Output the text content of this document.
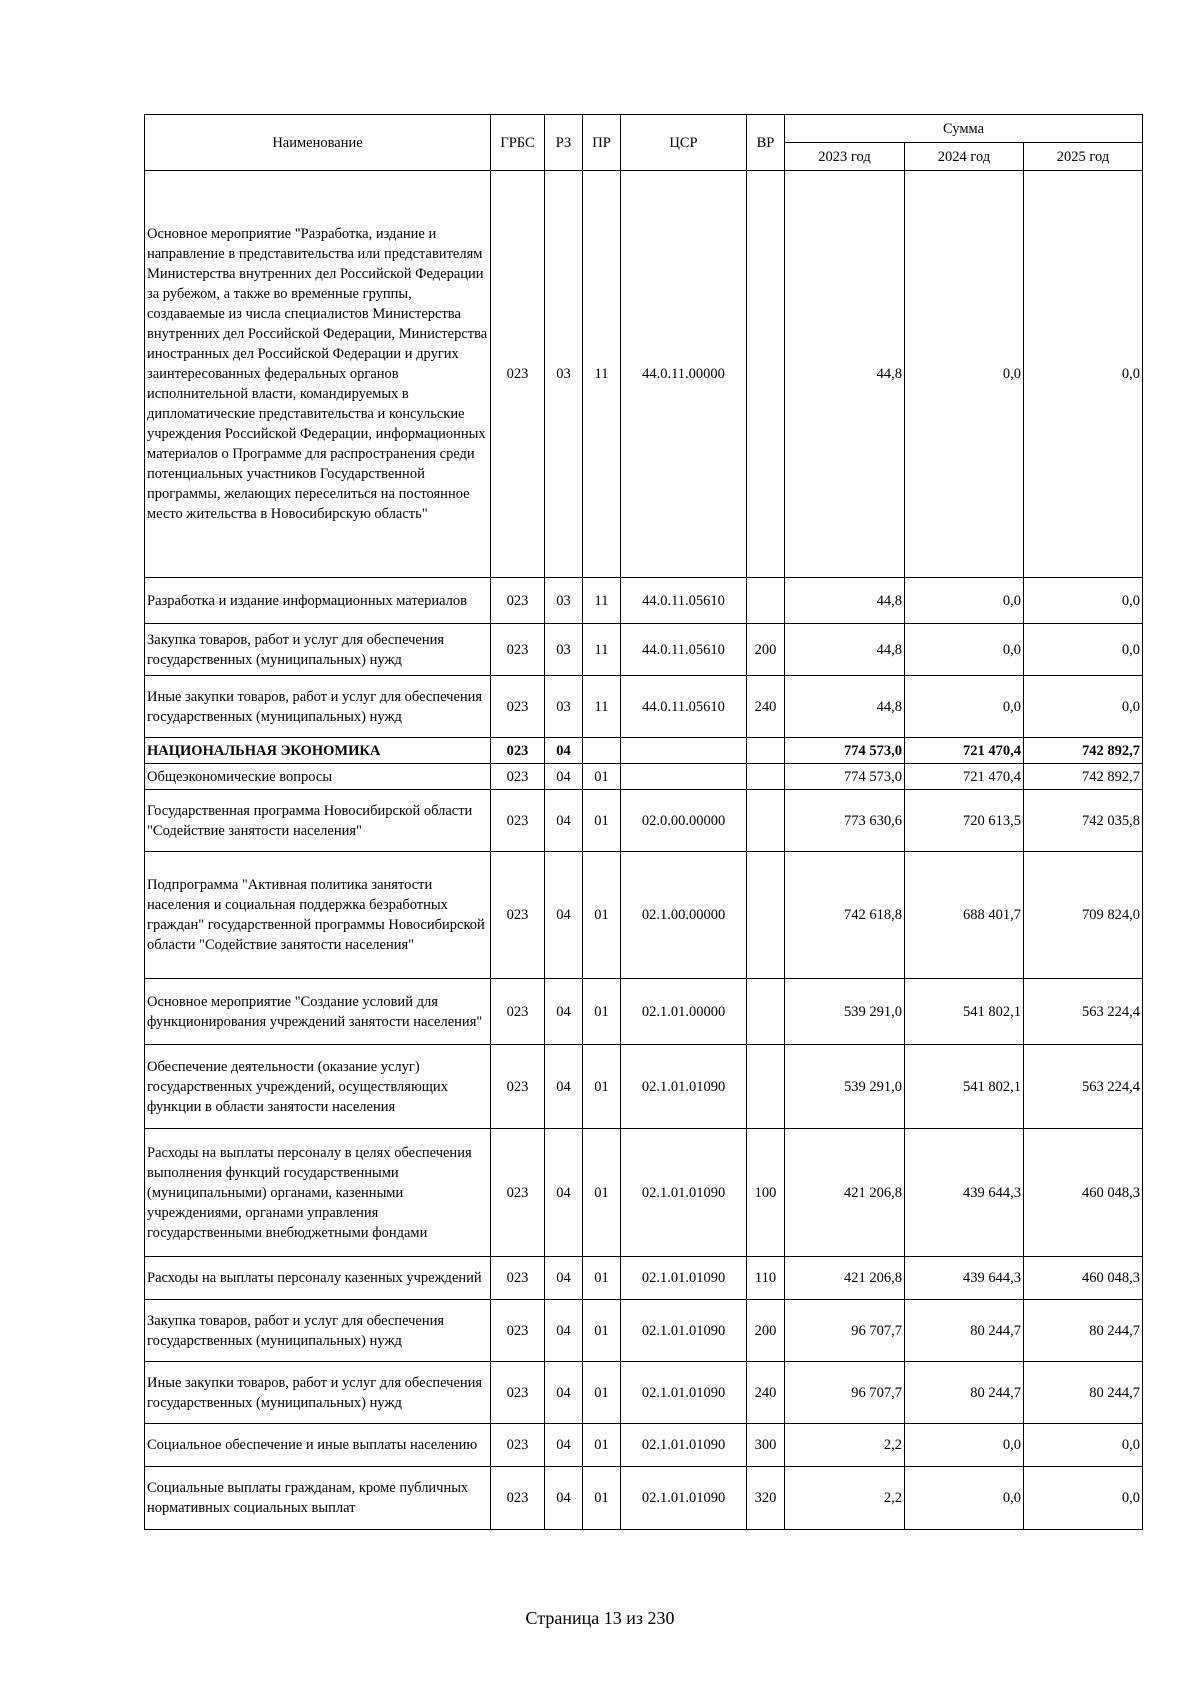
Наименование	ГРБС	РЗ	ПР	ЦСР	ВР	Сумма		
						2023 год	2024 год	2025 год
Основное мероприятие "Разработка, издание и направление в представительства или представителям Министерства внутренних дел Российской Федерации за рубежом, а также во временные группы, создаваемые из числа специалистов Министерства внутренних дел Российской Федерации, Министерства иностранных дел Российской Федерации и других заинтересованных федеральных органов исполнительной власти, командируемых в дипломатические представительства и консульские учреждения Российской Федерации, информационных материалов о Программе для распространения среди потенциальных участников Государственной программы, желающих переселиться на постоянное место жительства в Новосибирскую область"	023	03	11	44.0.11.00000		44,8	0,0	0,0
Разработка и издание информационных материалов	023	03	11	44.0.11.05610		44,8	0,0	0,0
Закупка товаров, работ и услуг для обеспечения государственных (муниципальных) нужд	023	03	11	44.0.11.05610	200	44,8	0,0	0,0
Иные закупки товаров, работ и услуг для обеспечения государственных (муниципальных) нужд	023	03	11	44.0.11.05610	240	44,8	0,0	0,0
НАЦИОНАЛЬНАЯ ЭКОНОМИКА	023	04				774 573,0	721 470,4	742 892,7
Общеэкономические вопросы	023	04	01			774 573,0	721 470,4	742 892,7
Государственная программа Новосибирской области "Содействие занятости населения"	023	04	01	02.0.00.00000		773 630,6	720 613,5	742 035,8
Подпрограмма "Активная политика занятости населения и социальная поддержка безработных граждан" государственной программы Новосибирской области "Содействие занятости населения"	023	04	01	02.1.00.00000		742 618,8	688 401,7	709 824,0
Основное мероприятие "Создание условий для функционирования учреждений занятости населения"	023	04	01	02.1.01.00000		539 291,0	541 802,1	563 224,4
Обеспечение деятельности (оказание услуг) государственных учреждений, осуществляющих функции в области занятости населения	023	04	01	02.1.01.01090		539 291,0	541 802,1	563 224,4
Расходы на выплаты персоналу в целях обеспечения выполнения функций государственными (муниципальными) органами, казенными учреждениями, органами управления государственными внебюджетными фондами	023	04	01	02.1.01.01090	100	421 206,8	439 644,3	460 048,3
Расходы на выплаты персоналу казенных учреждений	023	04	01	02.1.01.01090	110	421 206,8	439 644,3	460 048,3
Закупка товаров, работ и услуг для обеспечения государственных (муниципальных) нужд	023	04	01	02.1.01.01090	200	96 707,7	80 244,7	80 244,7
Иные закупки товаров, работ и услуг для обеспечения государственных (муниципальных) нужд	023	04	01	02.1.01.01090	240	96 707,7	80 244,7	80 244,7
Социальное обеспечение и иные выплаты населению	023	04	01	02.1.01.01090	300	2,2	0,0	0,0
Социальные выплаты гражданам, кроме публичных нормативных социальных выплат	023	04	01	02.1.01.01090	320	2,2	0,0	0,0
Страница 13 из 230
